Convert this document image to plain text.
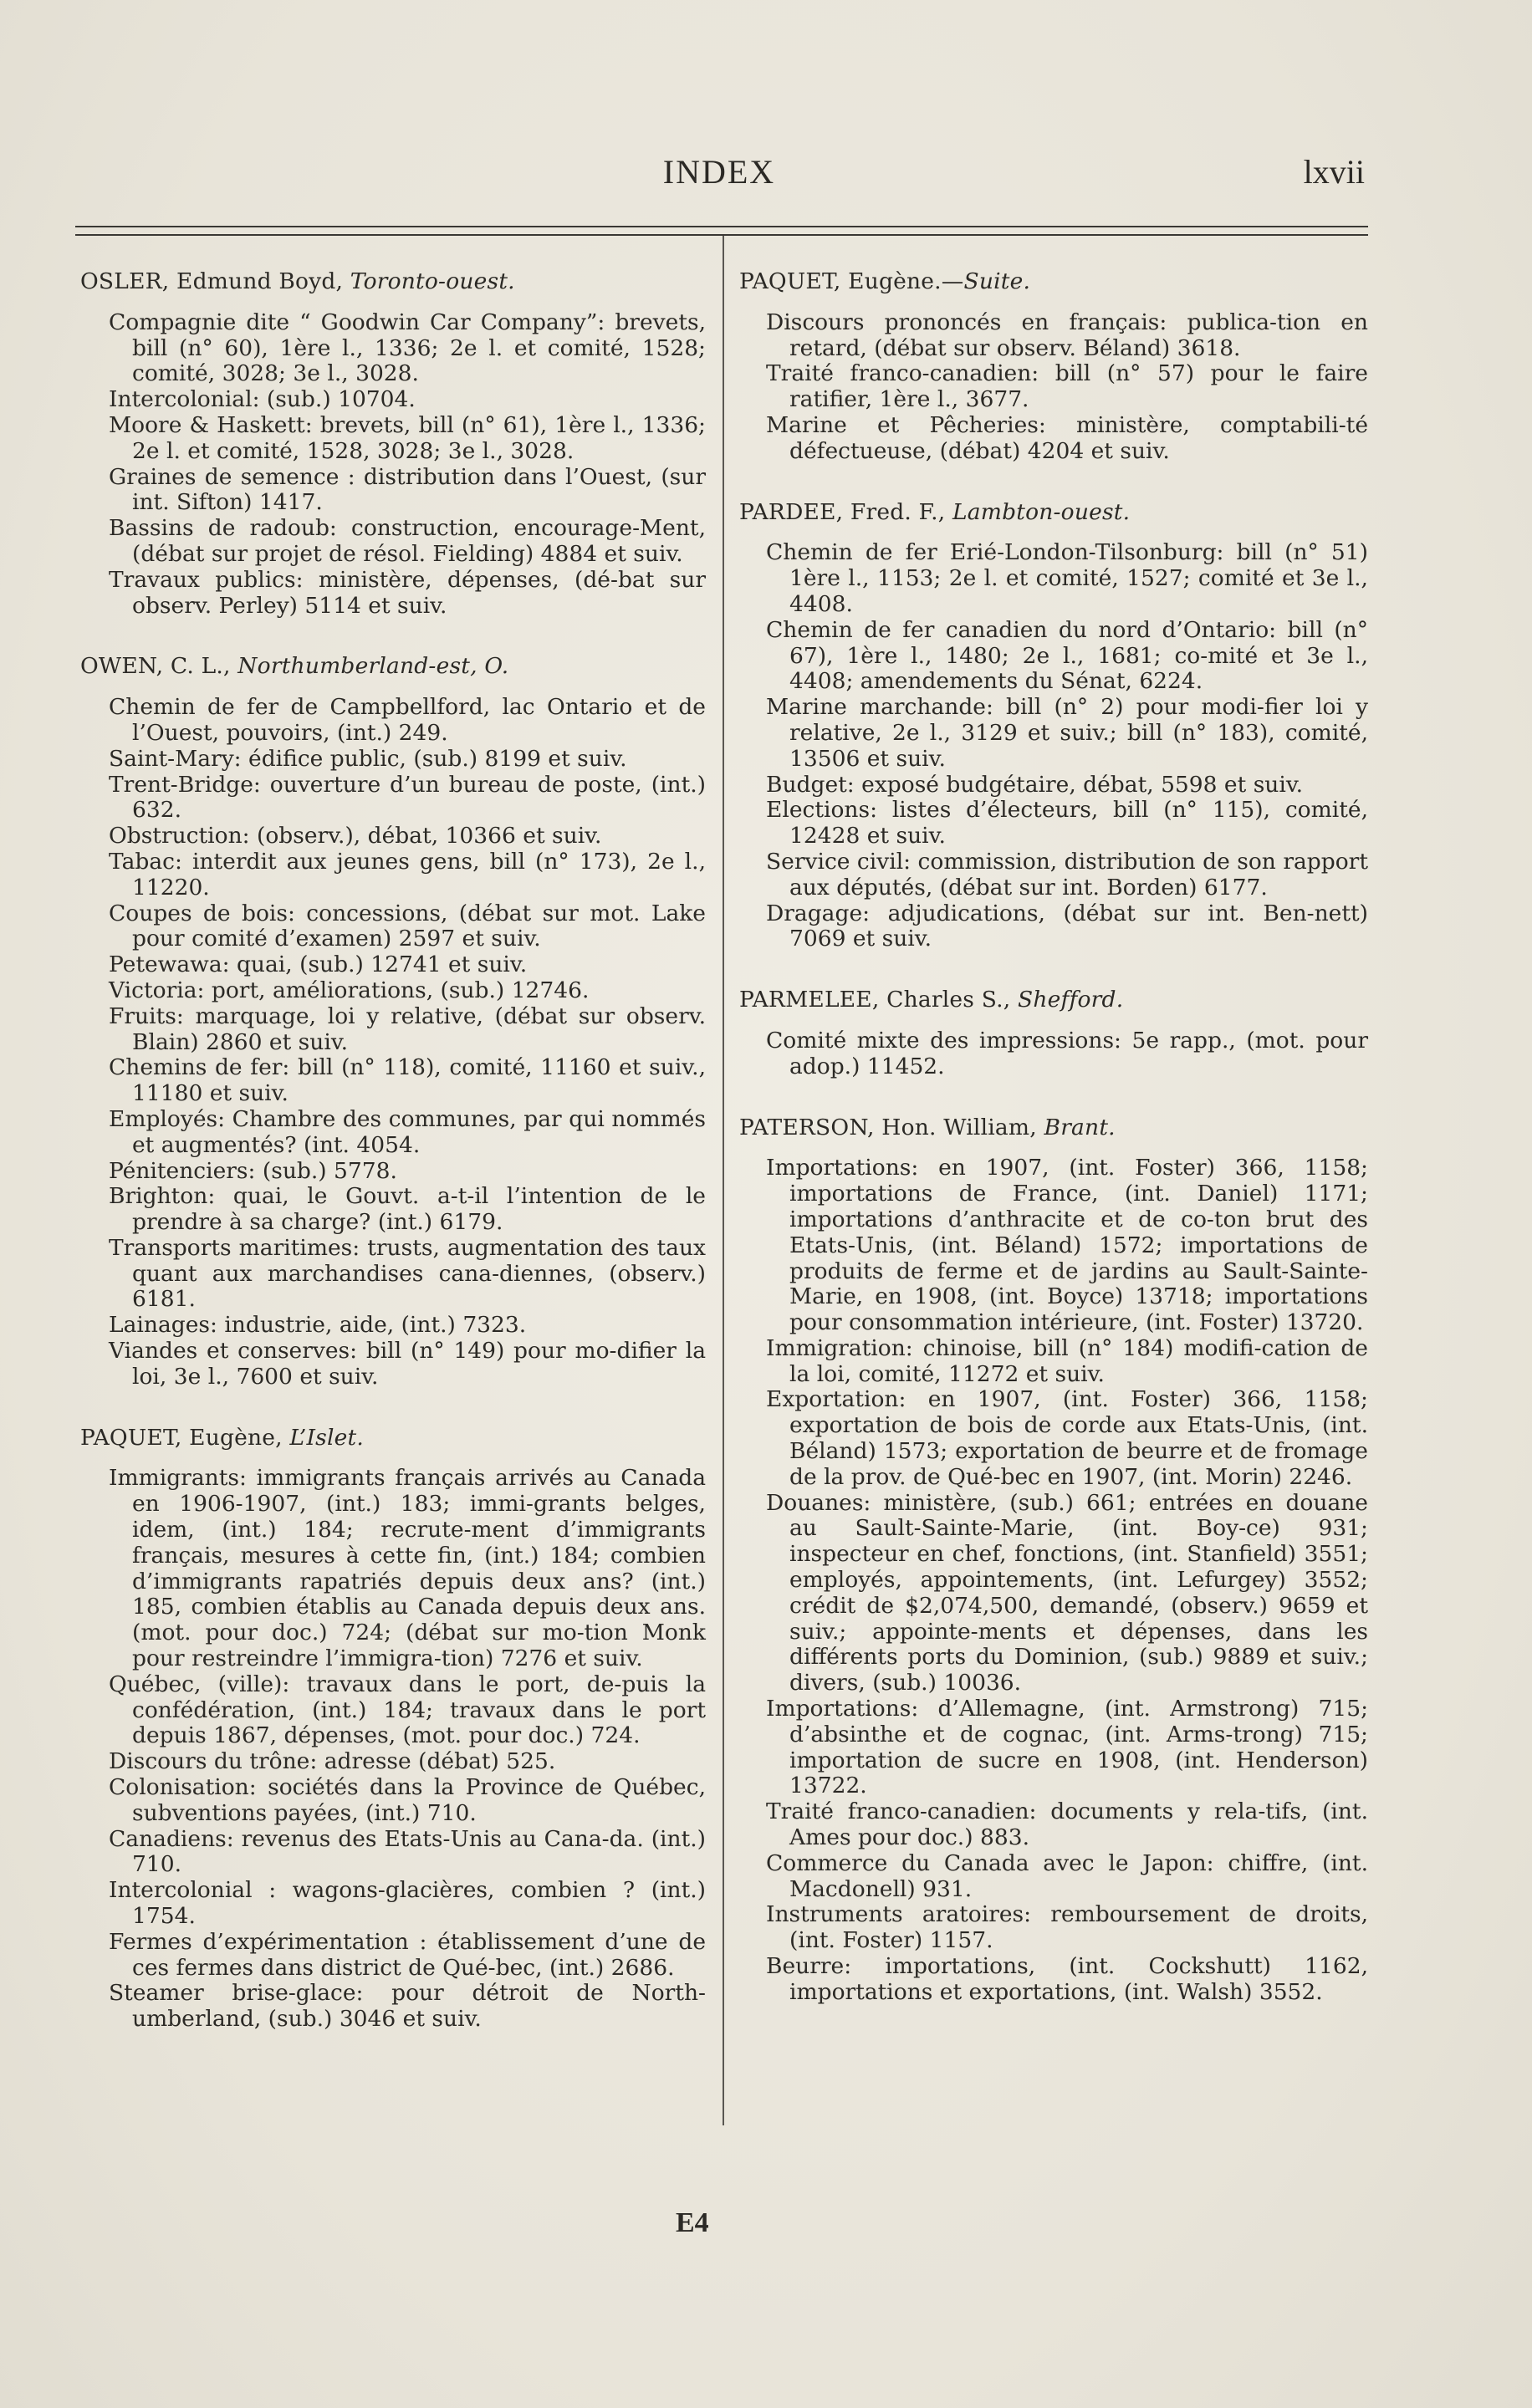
INDEX	lxvii
OSLER, Edmund Boyd, Toronto-ouest.
Compagnie dite “ Goodwin Car Company”: brevets, bill (n° 60), 1ère l., 1336; 2e l. et comité, 1528; comité, 3028; 3e l., 3028.
Intercolonial: (sub.) 10704.
Moore & Haskett: brevets, bill (n° 61), 1ère l., 1336; 2e l. et comité, 1528, 3028; 3e l., 3028.
Graines de semence : distribution dans l’Ouest, (sur int. Sifton) 1417.
Bassins de radoub: construction, encourage-Ment, (débat sur projet de résol. Fielding) 4884 et suiv.
Travaux publics: ministère, dépenses, (dé-bat sur observ. Perley) 5114 et suiv.
OWEN, C. L., Northumberland-est, O.
Chemin de fer de Campbellford, lac Ontario et de l’Ouest, pouvoirs, (int.) 249.
Saint-Mary: édifice public, (sub.) 8199 et suiv.
Trent-Bridge: ouverture d’un bureau de poste, (int.) 632.
Obstruction: (observ.), débat, 10366 et suiv.
Tabac: interdit aux jeunes gens, bill (n° 173), 2e l., 11220.
Coupes de bois: concessions, (débat sur mot. Lake pour comité d’examen) 2597 et suiv.
Petewawa: quai, (sub.) 12741 et suiv.
Victoria: port, améliorations, (sub.) 12746.
Fruits: marquage, loi y relative, (débat sur observ. Blain) 2860 et suiv.
Chemins de fer: bill (n° 118), comité, 11160 et suiv., 11180 et suiv.
Employés: Chambre des communes, par qui nommés et augmentés? (int. 4054.
Pénitenciers: (sub.) 5778.
Brighton: quai, le Gouvt. a-t-il l’intention de le prendre à sa charge? (int.) 6179.
Transports maritimes: trusts, augmentation des taux quant aux marchandises cana-diennes, (observ.) 6181.
Lainages: industrie, aide, (int.) 7323.
Viandes et conserves: bill (n° 149) pour mo-difier la loi, 3e l., 7600 et suiv.
PAQUET, Eugène, L’Islet.
Immigrants: immigrants français arrivés au Canada en 1906-1907, (int.) 183; immi-grants belges, idem, (int.) 184; recrute-ment d’immigrants français, mesures à cette fin, (int.) 184; combien d’immigrants rapatriés depuis deux ans? (int.) 185, combien établis au Canada depuis deux ans. (mot. pour doc.) 724; (débat sur mo-tion Monk pour restreindre l’immigra-tion) 7276 et suiv.
Québec, (ville): travaux dans le port, de-puis la confédération, (int.) 184; travaux dans le port depuis 1867, dépenses, (mot. pour doc.) 724.
Discours du trône: adresse (débat) 525.
Colonisation: sociétés dans la Province de Québec, subventions payées, (int.) 710.
Canadiens: revenus des Etats-Unis au Cana-da. (int.) 710.
Intercolonial : wagons-glacières, combien ? (int.) 1754.
Fermes d’expérimentation : établissement d’une de ces fermes dans district de Qué-bec, (int.) 2686.
Steamer brise-glace: pour détroit de North-umberland, (sub.) 3046 et suiv.
PAQUET, Eugène.—Suite.
Discours prononcés en français: publica-tion en retard, (débat sur observ. Béland) 3618.
Traité franco-canadien: bill (n° 57) pour le faire ratifier, 1ère l., 3677.
Marine et Pêcheries: ministère, comptabili-té défectueuse, (débat) 4204 et suiv.
PARDEE, Fred. F., Lambton-ouest.
Chemin de fer Erié-London-Tilsonburg: bill (n° 51) 1ère l., 1153; 2e l. et comité, 1527; comité et 3e l., 4408.
Chemin de fer canadien du nord d’Ontario: bill (n° 67), 1ère l., 1480; 2e l., 1681; co-mité et 3e l., 4408; amendements du Sénat, 6224.
Marine marchande: bill (n° 2) pour modi-fier loi y relative, 2e l., 3129 et suiv.; bill (n° 183), comité, 13506 et suiv.
Budget: exposé budgétaire, débat, 5598 et suiv.
Elections: listes d’électeurs, bill (n° 115), comité, 12428 et suiv.
Service civil: commission, distribution de son rapport aux députés, (débat sur int. Borden) 6177.
Dragage: adjudications, (débat sur int. Ben-nett) 7069 et suiv.
PARMELEE, Charles S., Shefford.
Comité mixte des impressions: 5e rapp., (mot. pour adop.) 11452.
PATERSON, Hon. William, Brant.
Importations: en 1907, (int. Foster) 366, 1158; importations de France, (int. Daniel) 1171; importations d’anthracite et de co-ton brut des Etats-Unis, (int. Béland) 1572; importations de produits de ferme et de jardins au Sault-Sainte-Marie, en 1908, (int. Boyce) 13718; importations pour consommation intérieure, (int. Foster) 13720.
Immigration: chinoise, bill (n° 184) modifi-cation de la loi, comité, 11272 et suiv.
Exportation: en 1907, (int. Foster) 366, 1158; exportation de bois de corde aux Etats-Unis, (int. Béland) 1573; exportation de beurre et de fromage de la prov. de Qué-bec en 1907, (int. Morin) 2246.
Douanes: ministère, (sub.) 661; entrées en douane au Sault-Sainte-Marie, (int. Boy-ce) 931; inspecteur en chef, fonctions, (int. Stanfield) 3551; employés, appointements, (int. Lefurgey) 3552; crédit de $2,074,500, demandé, (observ.) 9659 et suiv.; appointe-ments et dépenses, dans les différents ports du Dominion, (sub.) 9889 et suiv.; divers, (sub.) 10036.
Importations: d’Allemagne, (int. Armstrong) 715; d’absinthe et de cognac, (int. Arms-trong) 715; importation de sucre en 1908, (int. Henderson) 13722.
Traité franco-canadien: documents y rela-tifs, (int. Ames pour doc.) 883.
Commerce du Canada avec le Japon: chiffre, (int. Macdonell) 931.
Instruments aratoires: remboursement de droits, (int. Foster) 1157.
Beurre: importations, (int. Cockshutt) 1162, importations et exportations, (int. Walsh) 3552.
E4
